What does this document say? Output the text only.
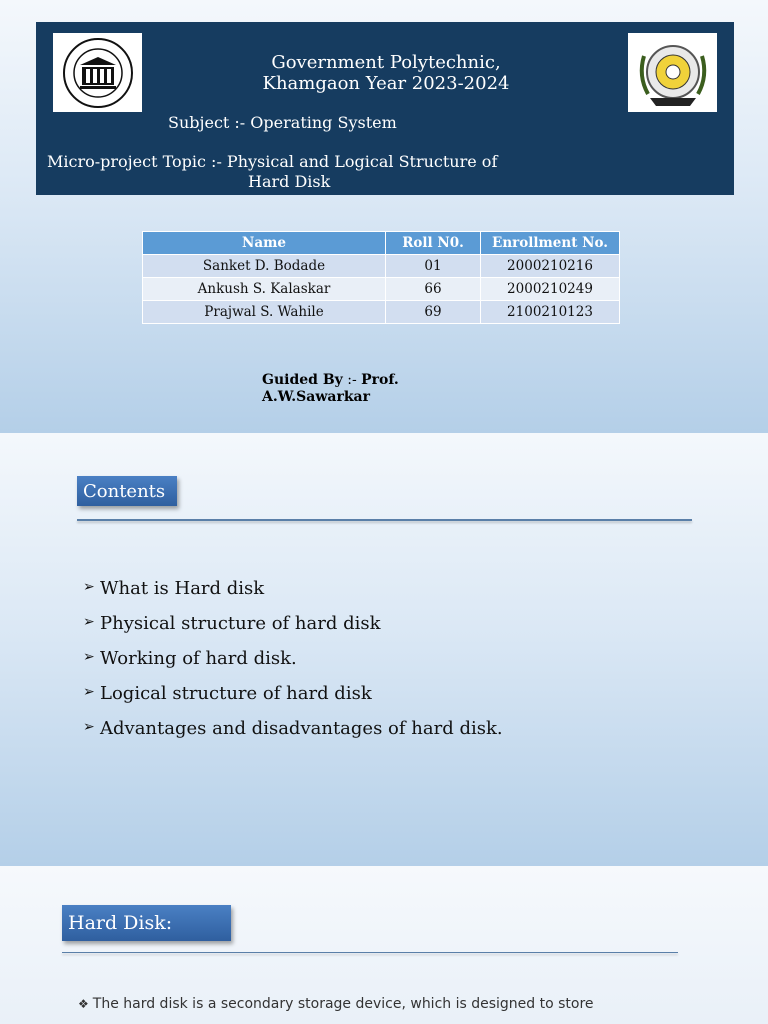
Government Polytechnic,
Khamgaon Year 2023-2024
Subject :- Operating System
Micro-project Topic :- Physical and Logical Structure of
Hard Disk
Name	Roll N0.	Enrollment No.
Sanket D. Bodade	01	2000210216
Ankush S. Kalaskar	66	2000210249
Prajwal S. Wahile	69	2100210123
Guided By :- Prof.
A.W.Sawarkar
Contents
➢ What is Hard disk
➢ Physical structure of hard disk
➢ Working of hard disk.
➢ Logical structure of hard disk
➢ Advantages and disadvantages of hard disk.
Hard Disk:
❖ The hard disk is a secondary storage device, which is designed to store
